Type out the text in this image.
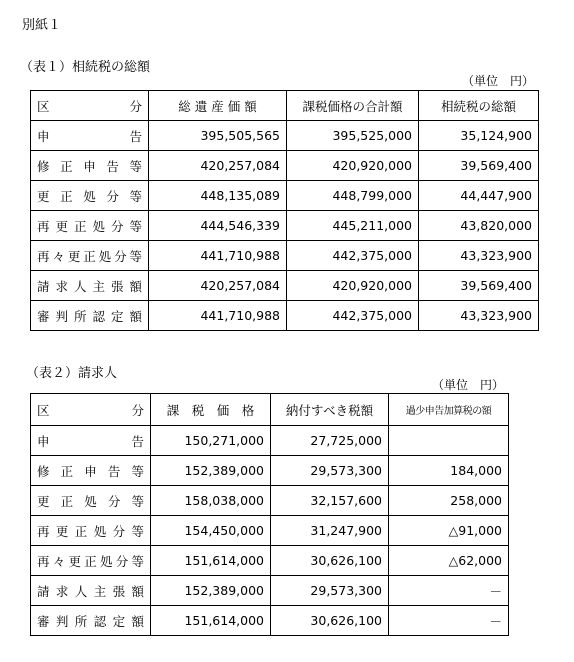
別紙１
（表１）相続税の総額
（単位　円）
区　　　　　分	総 遺 産 価 額	課税価格の合計額	相続税の総額
申　　　　　　告	395,505,565	395,525,000	35,124,900
修正申告等	420,257,084	420,920,000	39,569,400
更正処分等	448,135,089	448,799,000	44,447,900
再更正処分等	444,546,339	445,211,000	43,820,000
再々更正処分等	441,710,988	442,375,000	43,323,900
請求人主張額	420,257,084	420,920,000	39,569,400
審判所認定額	441,710,988	442,375,000	43,323,900
（表２）請求人
（単位　円）
区　　　　　分	課　税　価　格	納付すべき税額	過少申告加算税の額
申　　　　　　告	150,271,000	27,725,000	
修正申告等	152,389,000	29,573,300	184,000
更正処分等	158,038,000	32,157,600	258,000
再更正処分等	154,450,000	31,247,900	△91,000
再々更正処分等	151,614,000	30,626,100	△62,000
請求人主張額	152,389,000	29,573,300	－
審判所認定額	151,614,000	30,626,100	－
